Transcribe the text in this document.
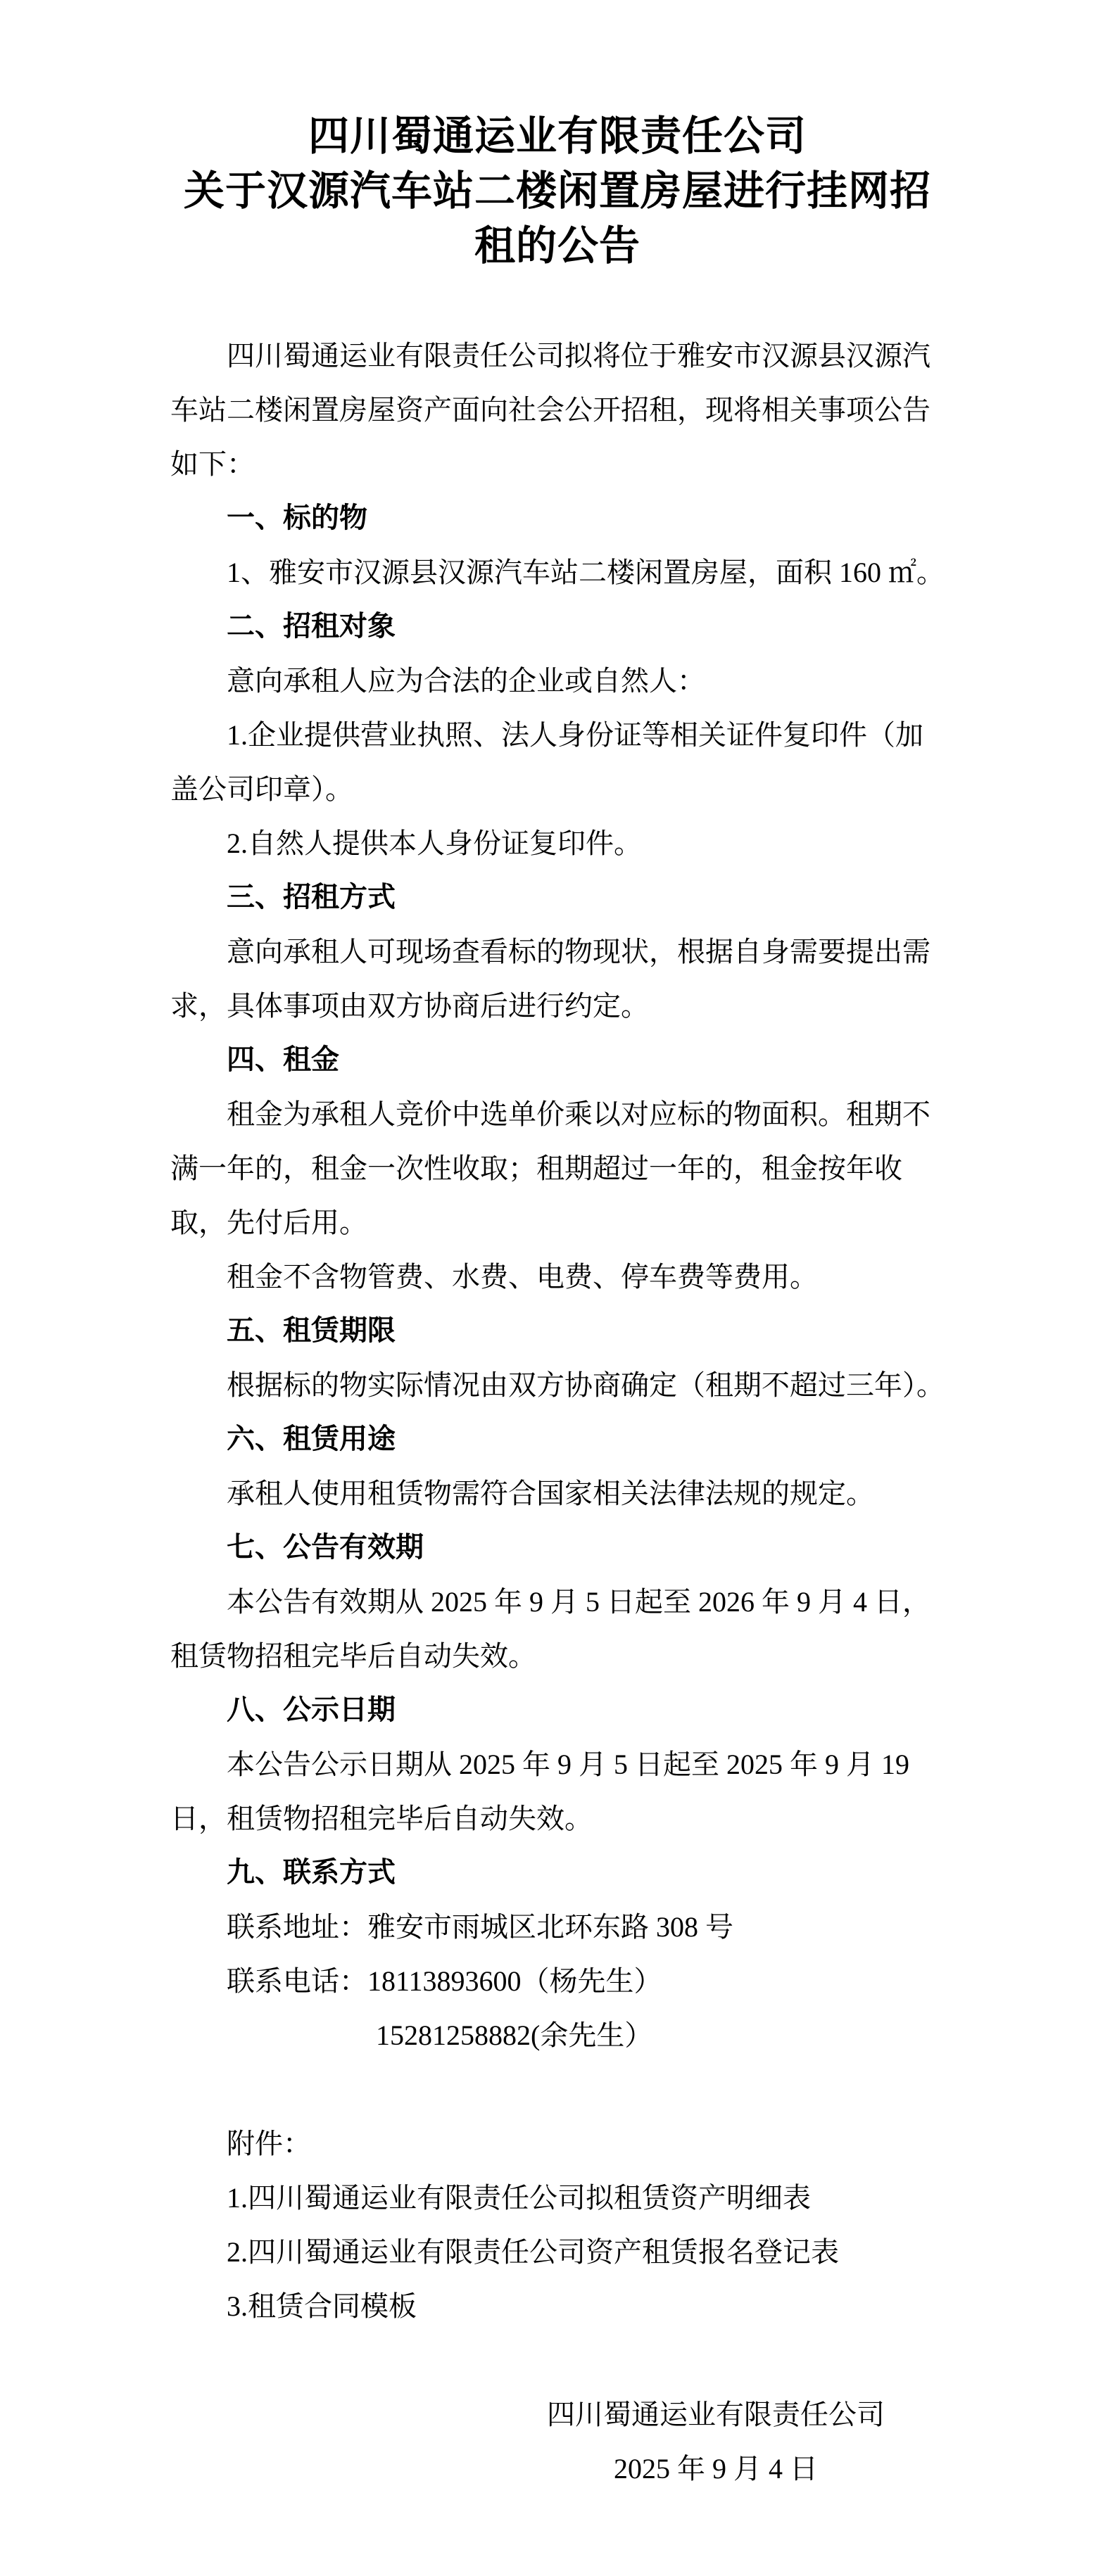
四川蜀通运业有限责任公司
关于汉源汽车站二楼闲置房屋进行挂网招
租的公告

四川蜀通运业有限责任公司拟将位于雅安市汉源县汉源汽车站二楼闲置房屋资产面向社会公开招租，现将相关事项公告如下：

一、标的物

1、雅安市汉源县汉源汽车站二楼闲置房屋，面积 160 ㎡。

二、招租对象

意向承租人应为合法的企业或自然人：

1.企业提供营业执照、法人身份证等相关证件复印件（加盖公司印章）。

2.自然人提供本人身份证复印件。

三、招租方式

意向承租人可现场查看标的物现状，根据自身需要提出需求，具体事项由双方协商后进行约定。

四、租金

租金为承租人竞价中选单价乘以对应标的物面积。租期不满一年的，租金一次性收取；租期超过一年的，租金按年收取，先付后用。

租金不含物管费、水费、电费、停车费等费用。

五、租赁期限

根据标的物实际情况由双方协商确定（租期不超过三年）。

六、租赁用途

承租人使用租赁物需符合国家相关法律法规的规定。

七、公告有效期

本公告有效期从 2025 年 9 月 5 日起至 2026 年 9 月 4 日，租赁物招租完毕后自动失效。

八、公示日期

本公告公示日期从 2025 年 9 月 5 日起至 2025 年 9 月 19 日，租赁物招租完毕后自动失效。

九、联系方式

联系地址：雅安市雨城区北环东路 308 号

联系电话：18113893600（杨先生）

15281258882(余先生）

附件：

1.四川蜀通运业有限责任公司拟租赁资产明细表

2.四川蜀通运业有限责任公司资产租赁报名登记表

3.租赁合同模板

四川蜀通运业有限责任公司

2025 年 9 月 4 日
